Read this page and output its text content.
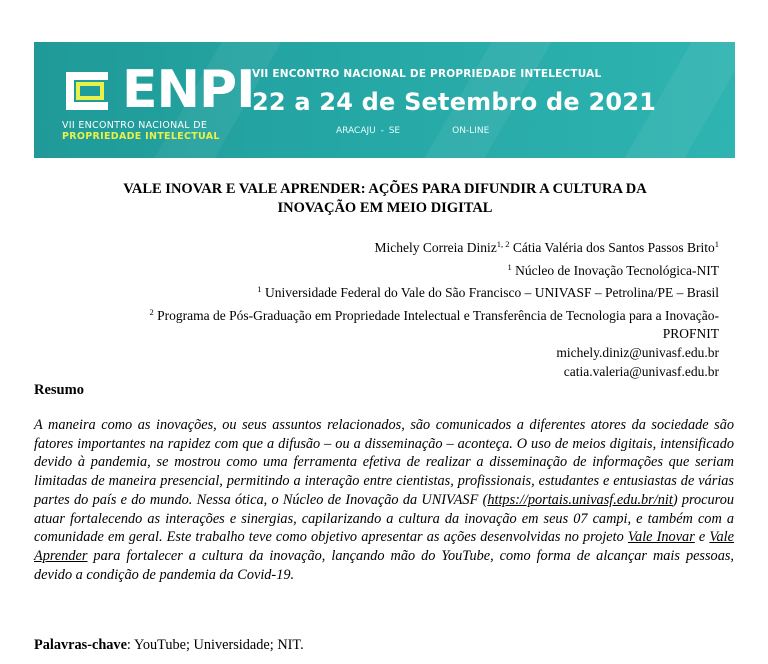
ENPI
VII ENCONTRO NACIONAL DE
PROPRIEDADE INTELECTUAL
VII ENCONTRO NACIONAL DE PROPRIEDADE INTELECTUAL
22 a 24 de Setembro de 2021
ARACAJU - SE	ON-LINE
VALE INOVAR E VALE APRENDER: AÇÕES PARA DIFUNDIR A CULTURA DA
INOVAÇÃO EM MEIO DIGITAL
Michely Correia Diniz$^{1, 2}$ Cátia Valéria dos Santos Passos Brito$^1$
$^1$ Núcleo de Inovação Tecnológica-NIT
$^1$ Universidade Federal do Vale do São Francisco – UNIVASF – Petrolina/PE – Brasil
$^2$ Programa de Pós-Graduação em Propriedade Intelectual e Transferência de Tecnologia para a Inovação-
PROFNIT
michely.diniz@univasf.edu.br
catia.valeria@univasf.edu.br
Resumo
A maneira como as inovações, ou seus assuntos relacionados, são comunicados a diferentes atores da sociedade são fatores importantes na rapidez com que a difusão – ou a disseminação – aconteça. O uso de meios digitais, intensificado devido à pandemia, se mostrou como uma ferramenta efetiva de realizar a disseminação de informações que seriam limitadas de maneira presencial, permitindo a interação entre cientistas, profissionais, estudantes e entusiastas de várias partes do país e do mundo. Nessa ótica, o Núcleo de Inovação da UNIVASF (https://portais.univasf.edu.br/nit) procurou atuar fortalecendo as interações e sinergias, capilarizando a cultura da inovação em seus 07 campi, e também com a comunidade em geral. Este trabalho teve como objetivo apresentar as ações desenvolvidas no projeto Vale Inovar e Vale Aprender para fortalecer a cultura da inovação, lançando mão do YouTube, como forma de alcançar mais pessoas, devido a condição de pandemia da Covid-19.
Palavras-chave: YouTube; Universidade; NIT.
